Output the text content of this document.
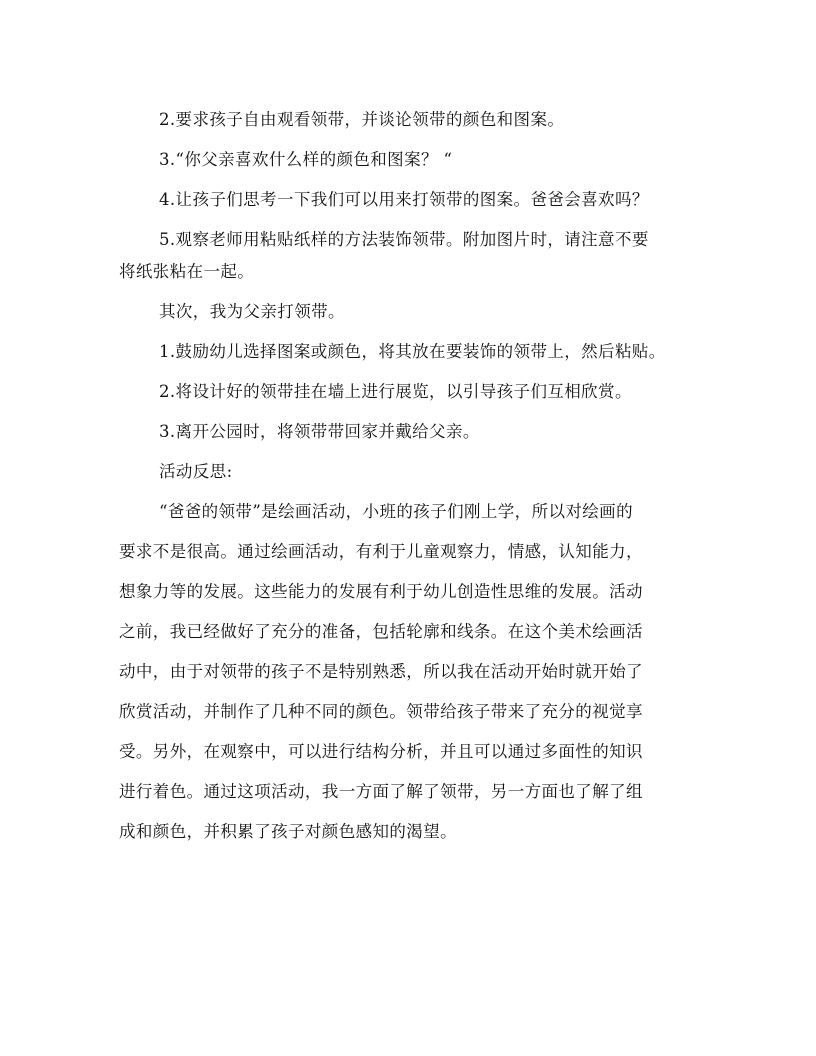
2.要求孩子自由观看领带，并谈论领带的颜色和图案。
3.“你父亲喜欢什么样的颜色和图案？ “
4.让孩子们思考一下我们可以用来打领带的图案。爸爸会喜欢吗？
5.观察老师用粘贴纸样的方法装饰领带。附加图片时，请注意不要
将纸张粘在一起。
其次，我为父亲打领带。
1.鼓励幼儿选择图案或颜色，将其放在要装饰的领带上，然后粘贴。
2.将设计好的领带挂在墙上进行展览，以引导孩子们互相欣赏。
3.离开公园时，将领带带回家并戴给父亲。
活动反思:
“爸爸的领带”是绘画活动，小班的孩子们刚上学，所以对绘画的
要求不是很高。通过绘画活动，有利于儿童观察力，情感，认知能力，
想象力等的发展。这些能力的发展有利于幼儿创造性思维的发展。活动
之前，我已经做好了充分的准备，包括轮廓和线条。在这个美术绘画活
动中，由于对领带的孩子不是特别熟悉，所以我在活动开始时就开始了
欣赏活动，并制作了几种不同的颜色。领带给孩子带来了充分的视觉享
受。另外，在观察中，可以进行结构分析，并且可以通过多面性的知识
进行着色。通过这项活动，我一方面了解了领带，另一方面也了解了组
成和颜色，并积累了孩子对颜色感知的渴望。
